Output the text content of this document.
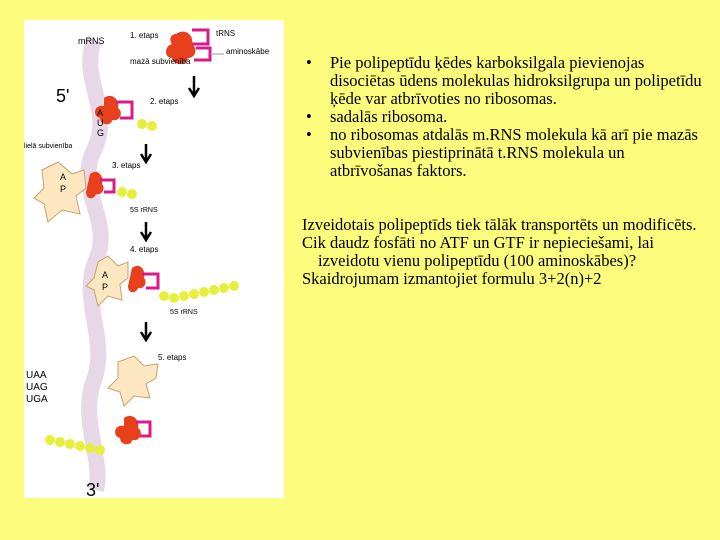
mRNS
5'
3'
1. etaps	tRNS
aminoskābe
mazā subvienība
2. etaps
A
U
G
lielā subvienība
3. etaps
A
P
5S rRNS
4. etaps
A
P
5S rRNS
5. etaps
UAA
UAG
UGA
• Pie polipeptīdu ķēdes karboksilgala pievienojas disociētas ūdens molekulas hidroksilgrupa un polipetīdu ķēde var atbrīvoties no ribosomas.
• sadalās ribosoma.
• no ribosomas atdalās m.RNS molekula kā arī pie mazās subvienības piestiprinātā t.RNS molekula un atbrīvošanas faktors.

Izveidotais polipeptīds tiek tālāk transportēts un modificēts.

Cik daudz fosfāti no ATF un GTF ir nepieciešami, lai izveidotu vienu polipeptīdu (100 aminoskābes)?

Skaidrojumam izmantojiet formulu 3+2(n)+2
